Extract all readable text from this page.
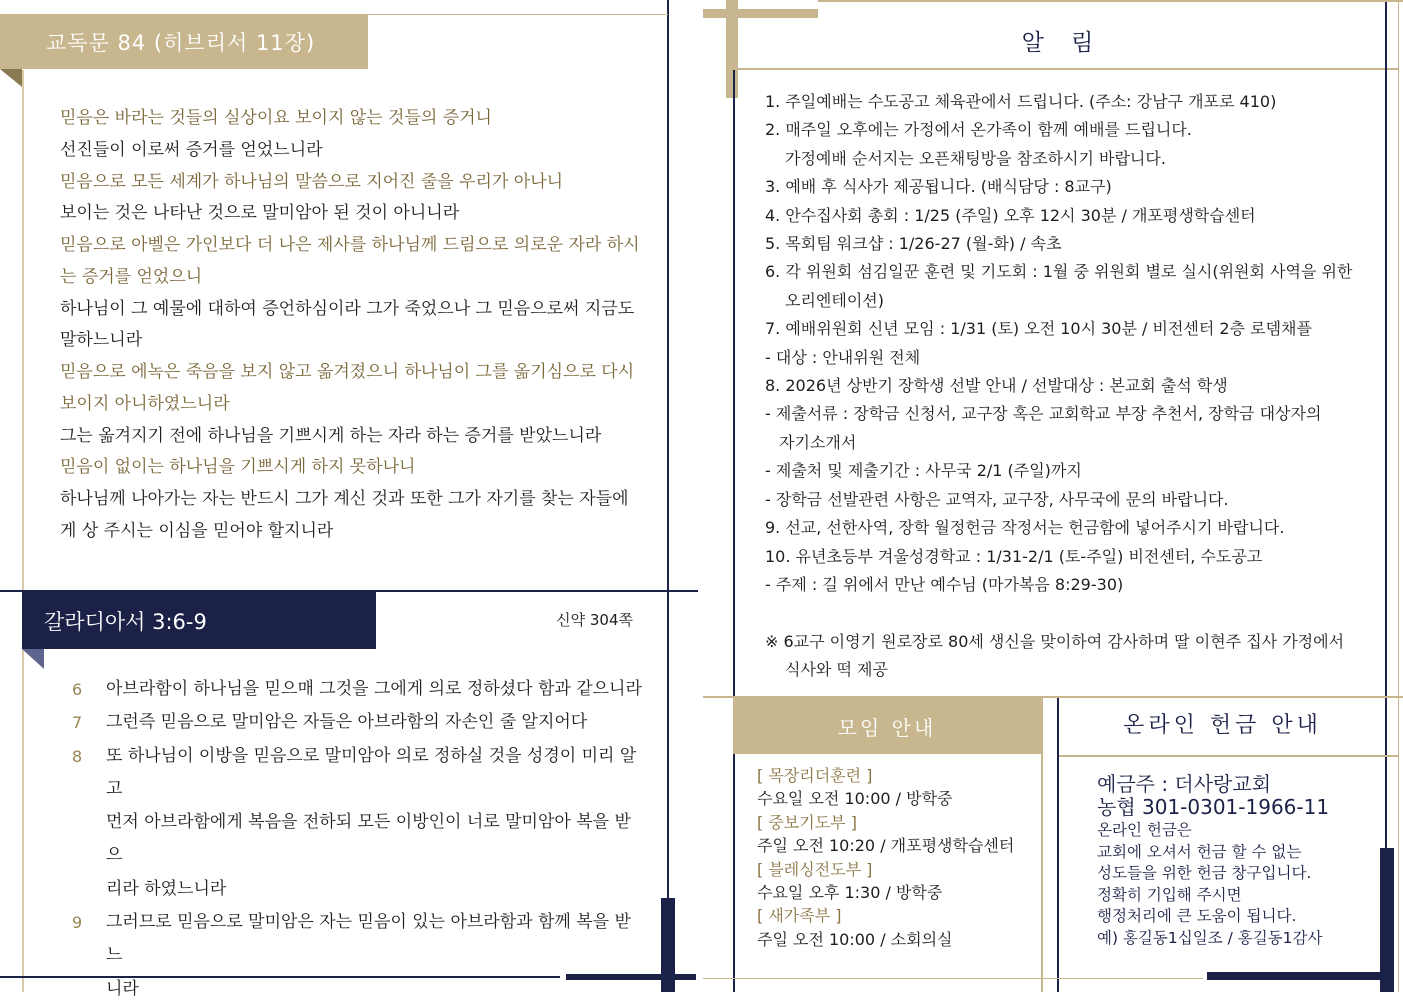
교독문 84 (히브리서 11장)

믿음은 바라는 것들의 실상이요 보이지 않는 것들의 증거니

선진들이 이로써 증거를 얻었느니라

믿음으로 모든 세계가 하나님의 말씀으로 지어진 줄을 우리가 아나니

보이는 것은 나타난 것으로 말미암아 된 것이 아니니라

믿음으로 아벨은 가인보다 더 나은 제사를 하나님께 드림으로 의로운 자라 하시

는 증거를 얻었으니

하나님이 그 예물에 대하여 증언하심이라 그가 죽었으나 그 믿음으로써 지금도

말하느니라

믿음으로 에녹은 죽음을 보지 않고 옮겨졌으니 하나님이 그를 옮기심으로 다시

보이지 아니하였느니라

그는 옮겨지기 전에 하나님을 기쁘시게 하는 자라 하는 증거를 받았느니라

믿음이 없이는 하나님을 기쁘시게 하지 못하나니

하나님께 나아가는 자는 반드시 그가 계신 것과 또한 그가 자기를 찾는 자들에

게 상 주시는 이심을 믿어야 할지니라

갈라디아서 3:6-9	신약 304쪽
6	아브라함이 하나님을 믿으매 그것을 그에게 의로 정하셨다 함과 같으니라
7	그런즉 믿음으로 말미암은 자들은 아브라함의 자손인 줄 알지어다
8	또 하나님이 이방을 믿음으로 말미암아 의로 정하실 것을 성경이 미리 알고
먼저 아브라함에게 복음을 전하되 모든 이방인이 너로 말미암아 복을 받으
리라 하였느니라
9	그러므로 믿음으로 말미암은 자는 믿음이 있는 아브라함과 함께 복을 받느
니라
알 림
1. 주일예배는 수도공고 체육관에서 드립니다. (주소: 강남구 개포로 410)
2. 매주일 오후에는 가정에서 온가족이 함께 예배를 드립니다.
가정예배 순서지는 오픈채팅방을 참조하시기 바랍니다.
3. 예배 후 식사가 제공됩니다. (배식담당 : 8교구)
4. 안수집사회 총회 : 1/25 (주일) 오후 12시 30분 / 개포평생학습센터
5. 목회팀 워크샵 : 1/26-27 (월-화) / 속초
6. 각 위원회 섬김일꾼 훈련 및 기도회 : 1월 중 위원회 별로 실시(위원회 사역을 위한
오리엔테이션)
7. 예배위원회 신년 모임 : 1/31 (토) 오전 10시 30분 / 비전센터 2층 로뎀채플
- 대상 : 안내위원 전체
8. 2026년 상반기 장학생 선발 안내 / 선발대상 : 본교회 출석 학생
- 제출서류 : 장학금 신청서, 교구장 혹은 교회학교 부장 추천서, 장학금 대상자의
자기소개서
- 제출처 및 제출기간 : 사무국 2/1 (주일)까지
- 장학금 선발관련 사항은 교역자, 교구장, 사무국에 문의 바랍니다.
9. 선교, 선한사역, 장학 월정헌금 작정서는 헌금함에 넣어주시기 바랍니다.
10. 유년초등부 겨울성경학교 : 1/31-2/1 (토-주일) 비전센터, 수도공고
- 주제 : 길 위에서 만난 예수님 (마가복음 8:29-30)

※ 6교구 이영기 원로장로 80세 생신을 맞이하여 감사하며 딸 이현주 집사 가정에서
식사와 떡 제공
모임 안내
[ 목장리더훈련 ]
수요일 오전 10:00 / 방학중
[ 중보기도부 ]
주일 오전 10:20 / 개포평생학습센터
[ 블레싱전도부 ]
수요일 오후 1:30 / 방학중
[ 새가족부 ]
주일 오전 10:00 / 소회의실
온라인 헌금 안내
예금주 : 더사랑교회
농협 301-0301-1966-11
온라인 헌금은
교회에 오셔서 헌금 할 수 없는
성도들을 위한 헌금 창구입니다.
정확히 기입해 주시면
행정처리에 큰 도움이 됩니다.
예) 홍길동1십일조 / 홍길동1감사
